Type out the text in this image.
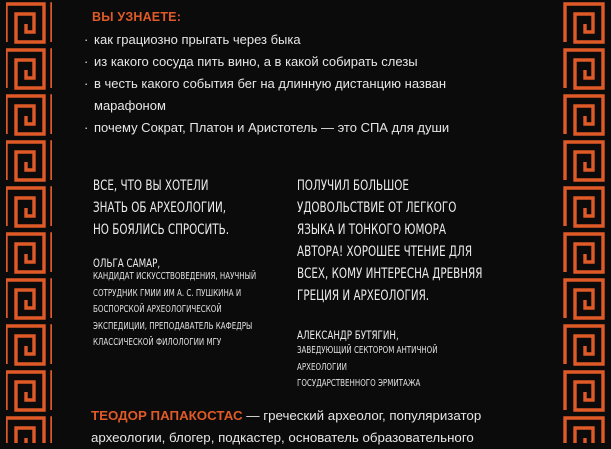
ВЫ УЗНАЕТЕ:
· как грациозно прыгать через быка
· из какого сосуда пить вино, а в какой собирать слезы
· в честь какого события бег на длинную дистанцию назван
марафоном
· почему Сократ, Платон и Аристотель — это СПА для души
ВСЕ, ЧТО ВЫ ХОТЕЛИ
ЗНАТЬ ОБ АРХЕОЛОГИИ,
НО БОЯЛИСЬ СПРОСИТЬ.
ОЛЬГА САМАР,
КАНДИДАТ ИСКУССТВОВЕДЕНИЯ, НАУЧНЫЙ
СОТРУДНИК ГМИИ ИМ А. С. ПУШКИНА И
БОСПОРСКОЙ АРХЕОЛОГИЧЕСКОЙ
ЭКСПЕДИЦИИ, ПРЕПОДАВАТЕЛЬ КАФЕДРЫ
КЛАССИЧЕСКОЙ ФИЛОЛОГИИ МГУ
ПОЛУЧИЛ БОЛЬШОЕ
УДОВОЛЬСТВИЕ ОТ ЛЕГКОГО
ЯЗЫКА И ТОНКОГО ЮМОРА
АВТОРА! ХОРОШЕЕ ЧТЕНИЕ ДЛЯ
ВСЕХ, КОМУ ИНТЕРЕСНА ДРЕВНЯЯ
ГРЕЦИЯ И АРХЕОЛОГИЯ.
АЛЕКСАНДР БУТЯГИН,
ЗАВЕДУЮЩИЙ СЕКТОРОМ АНТИЧНОЙ АРХЕОЛОГИИ
ГОСУДАРСТВЕННОГО ЭРМИТАЖА
ТЕОДОР ПАПАКОСТАС — греческий археолог, популяризатор
археологии, блогер, подкастер, основатель образовательного
